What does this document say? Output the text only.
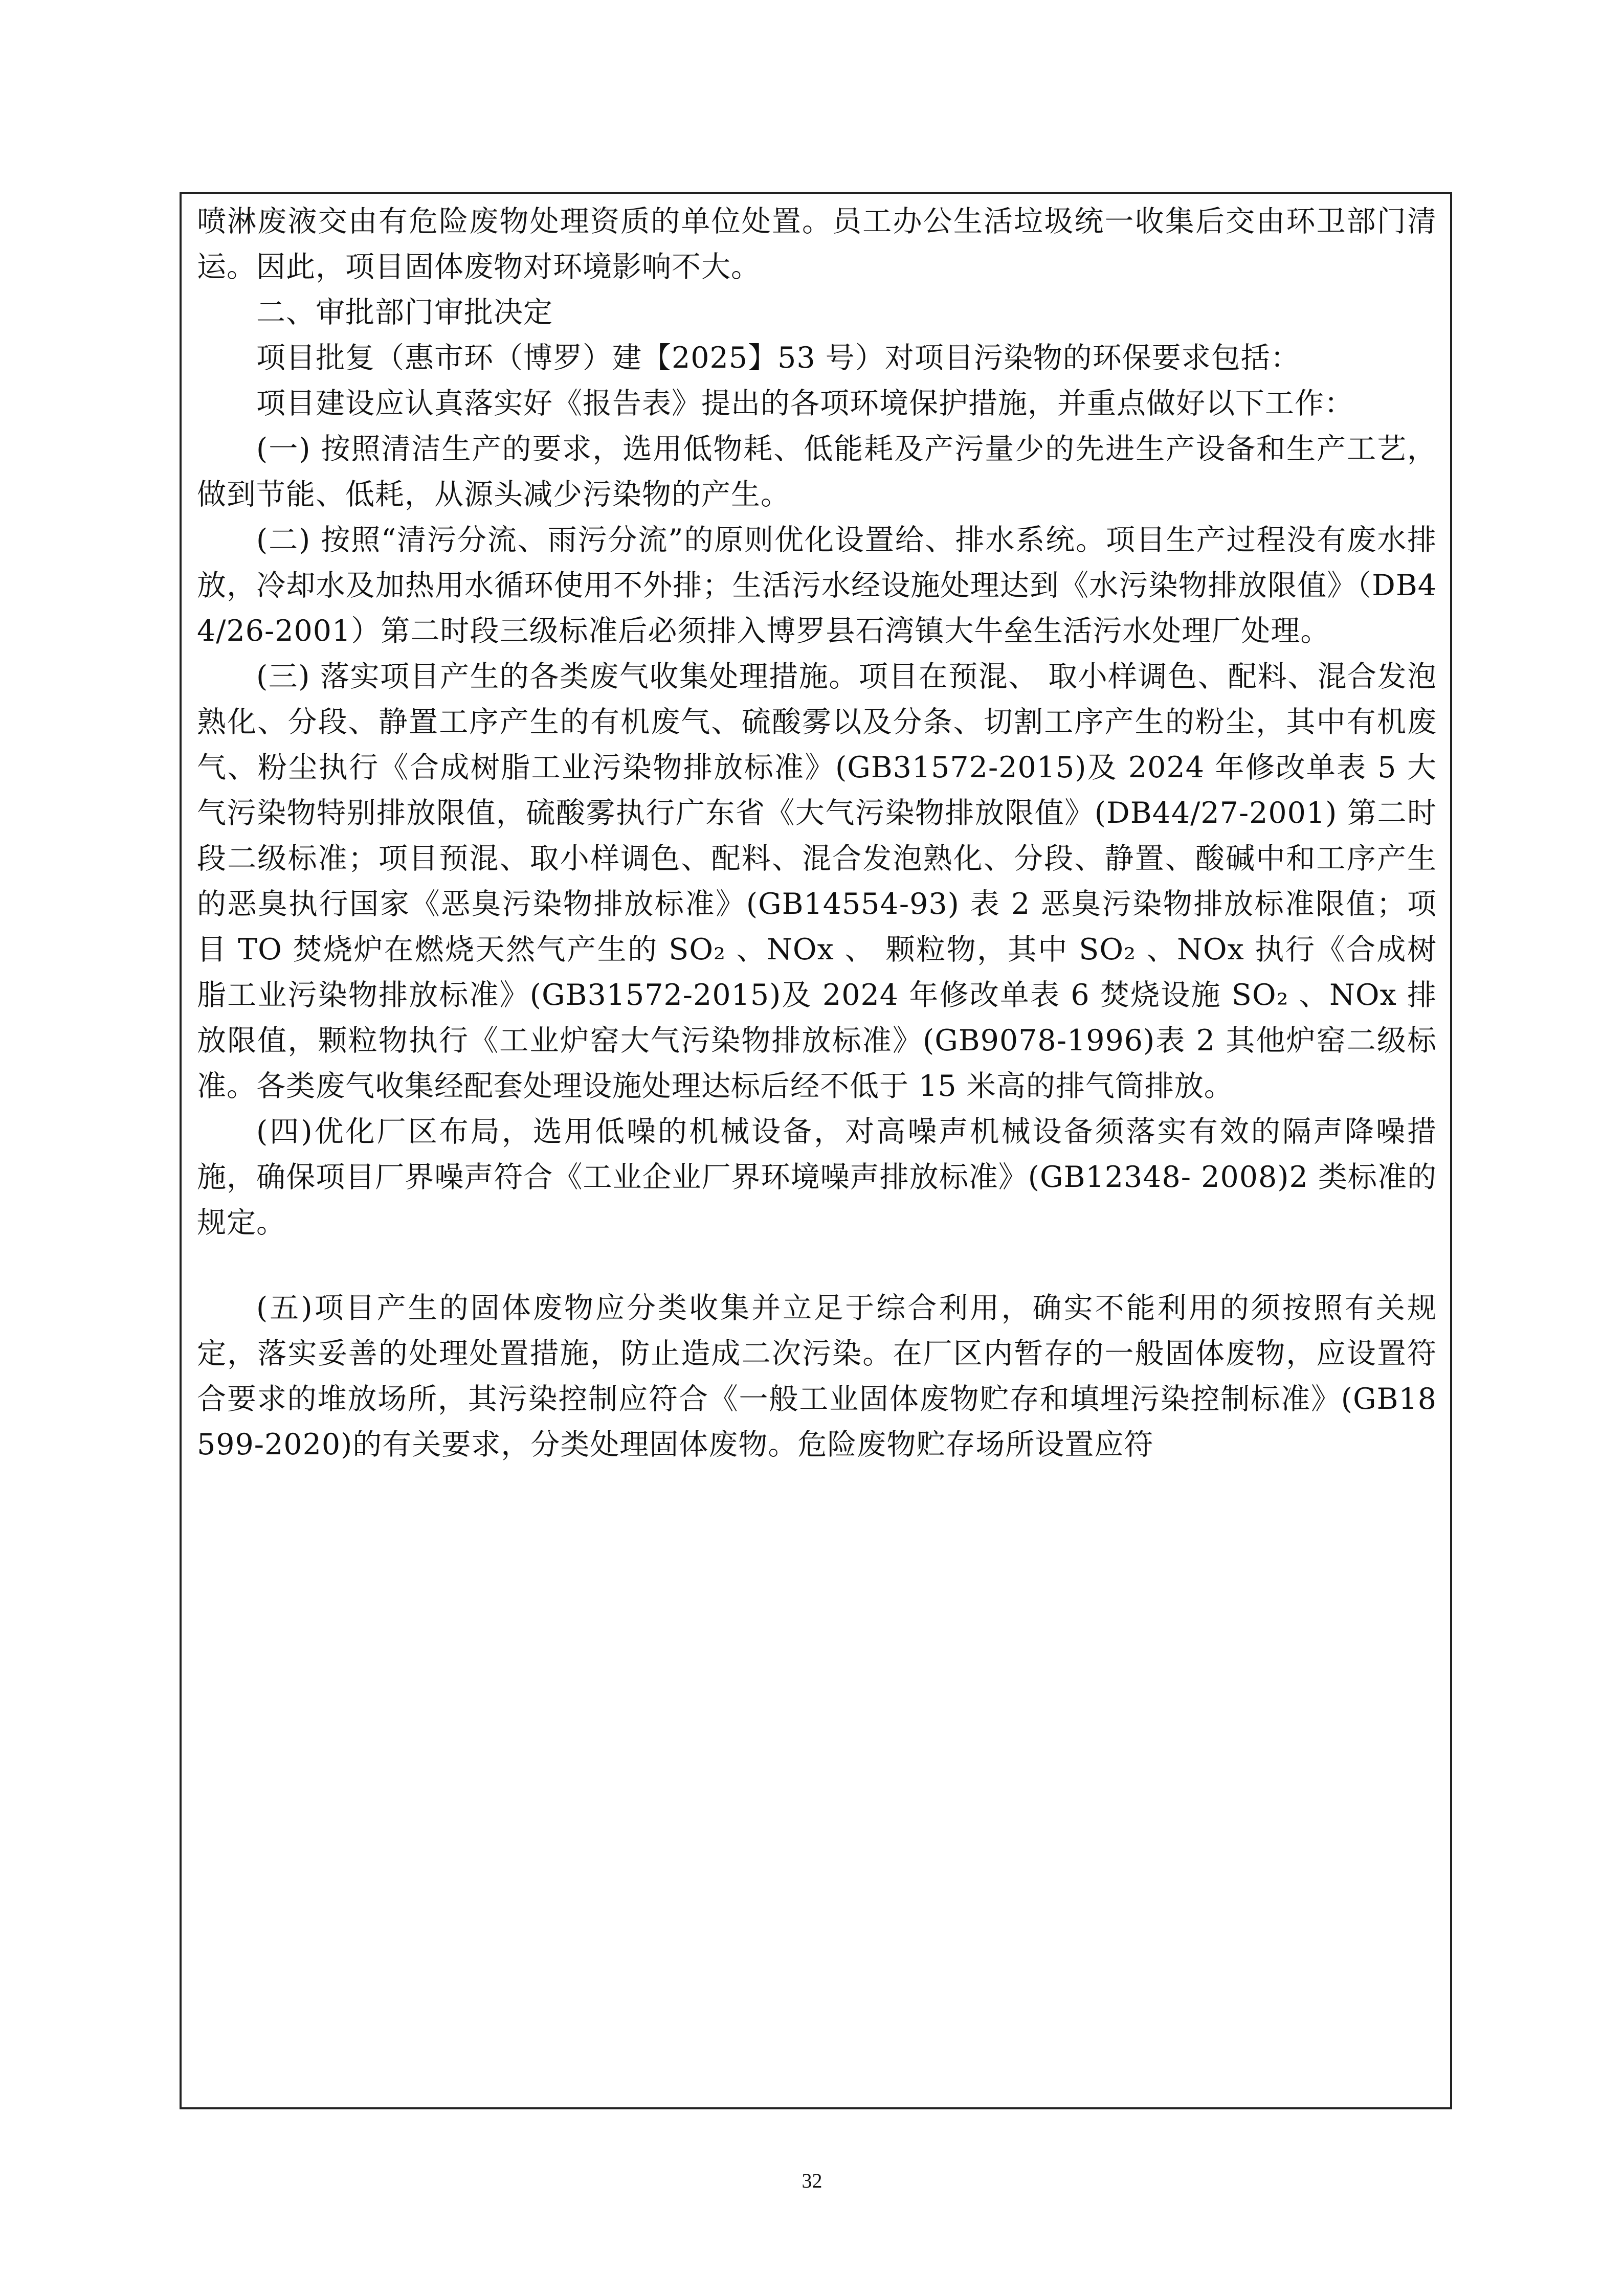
喷淋废液交由有危险废物处理资质的单位处置。员工办公生活垃圾统一收集后交由环卫部门清运。因此，项目固体废物对环境影响不大。

二、审批部门审批决定

项目批复（惠市环（博罗）建【2025】53 号）对项目污染物的环保要求包括：

项目建设应认真落实好《报告表》提出的各项环境保护措施，并重点做好以下工作：

(一) 按照清洁生产的要求，选用低物耗、低能耗及产污量少的先进生产设备和生产工艺，做到节能、低耗，从源头减少污染物的产生。

(二) 按照“清污分流、雨污分流”的原则优化设置给、排水系统。项目生产过程没有废水排放，冷却水及加热用水循环使用不外排；生活污水经设施处理达到《水污染物排放限值》（DB44/26-2001）第二时段三级标准后必须排入博罗县石湾镇大牛垒生活污水处理厂处理。

(三) 落实项目产生的各类废气收集处理措施。项目在预混、 取小样调色、配料、混合发泡熟化、分段、静置工序产生的有机废气、硫酸雾以及分条、切割工序产生的粉尘，其中有机废气、粉尘执行《合成树脂工业污染物排放标准》(GB31572-2015)及 2024 年修改单表 5 大气污染物特别排放限值，硫酸雾执行广东省《大气污染物排放限值》(DB44/27-2001) 第二时段二级标准；项目预混、取小样调色、配料、混合发泡熟化、分段、静置、酸碱中和工序产生的恶臭执行国家《恶臭污染物排放标准》(GB14554-93) 表 2 恶臭污染物排放标准限值；项目 TO 焚烧炉在燃烧天然气产生的 SO₂ 、NOx 、 颗粒物，其中 SO₂ 、NOx 执行《合成树脂工业污染物排放标准》(GB31572-2015)及 2024 年修改单表 6 焚烧设施 SO₂ 、NOx 排放限值，颗粒物执行《工业炉窑大气污染物排放标准》(GB9078-1996)表 2 其他炉窑二级标准。各类废气收集经配套处理设施处理达标后经不低于 15 米高的排气筒排放。

(四)优化厂区布局，选用低噪的机械设备，对高噪声机械设备须落实有效的隔声降噪措施，确保项目厂界噪声符合《工业企业厂界环境噪声排放标准》(GB12348- 2008)2 类标准的规定。

(五)项目产生的固体废物应分类收集并立足于综合利用，确实不能利用的须按照有关规定，落实妥善的处理处置措施，防止造成二次污染。在厂区内暂存的一般固体废物，应设置符合要求的堆放场所，其污染控制应符合《一般工业固体废物贮存和填埋污染控制标准》(GB18599-2020)的有关要求，分类处理固体废物。危险废物贮存场所设置应符

32
